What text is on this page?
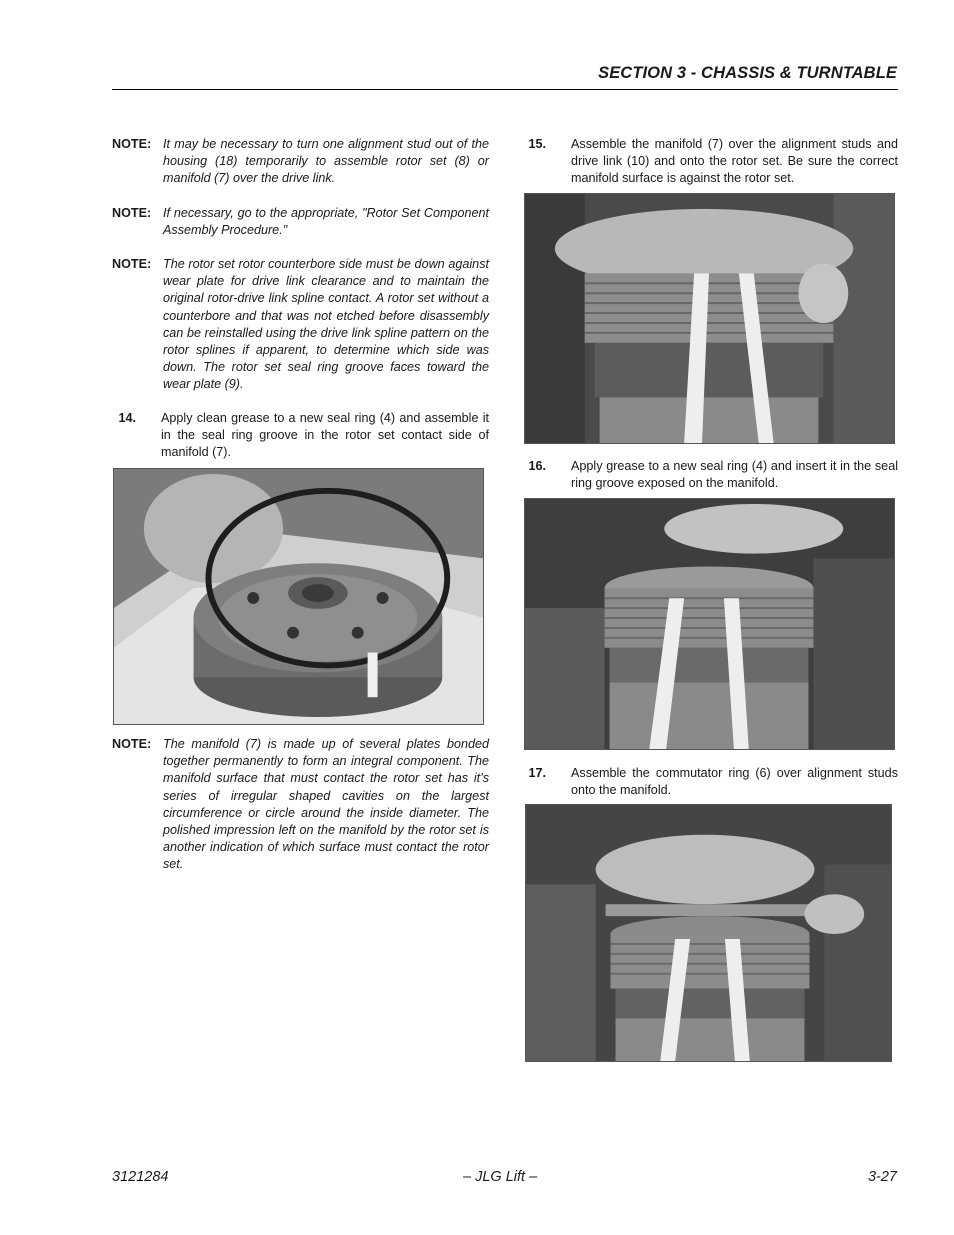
SECTION 3 - CHASSIS & TURNTABLE
NOTE: It may be necessary to turn one alignment stud out of the housing (18) temporarily to assemble rotor set (8) or manifold (7) over the drive link.
NOTE: If necessary, go to the appropriate, "Rotor Set Component Assembly Procedure."
NOTE: The rotor set rotor counterbore side must be down against wear plate for drive link clearance and to maintain the original rotor-drive link spline contact. A rotor set without a counterbore and that was not etched before disassembly can be reinstalled using the drive link spline pattern on the rotor splines if apparent, to determine which side was down. The rotor set seal ring groove faces toward the wear plate (9).
14. Apply clean grease to a new seal ring (4) and assemble it in the seal ring groove in the rotor set contact side of manifold (7).
NOTE: The manifold (7) is made up of several plates bonded together permanently to form an integral component. The manifold surface that must contact the rotor set has it’s series of irregular shaped cavities on the largest circumference or circle around the inside diameter. The polished impression left on the manifold by the rotor set is another indication of which surface must contact the rotor set.
15. Assemble the manifold (7) over the alignment studs and drive link (10) and onto the rotor set. Be sure the correct manifold surface is against the rotor set.
16. Apply grease to a new seal ring (4) and insert it in the seal ring groove exposed on the manifold.
17. Assemble the commutator ring (6) over alignment studs onto the manifold.
3121284	– JLG Lift –	3-27
